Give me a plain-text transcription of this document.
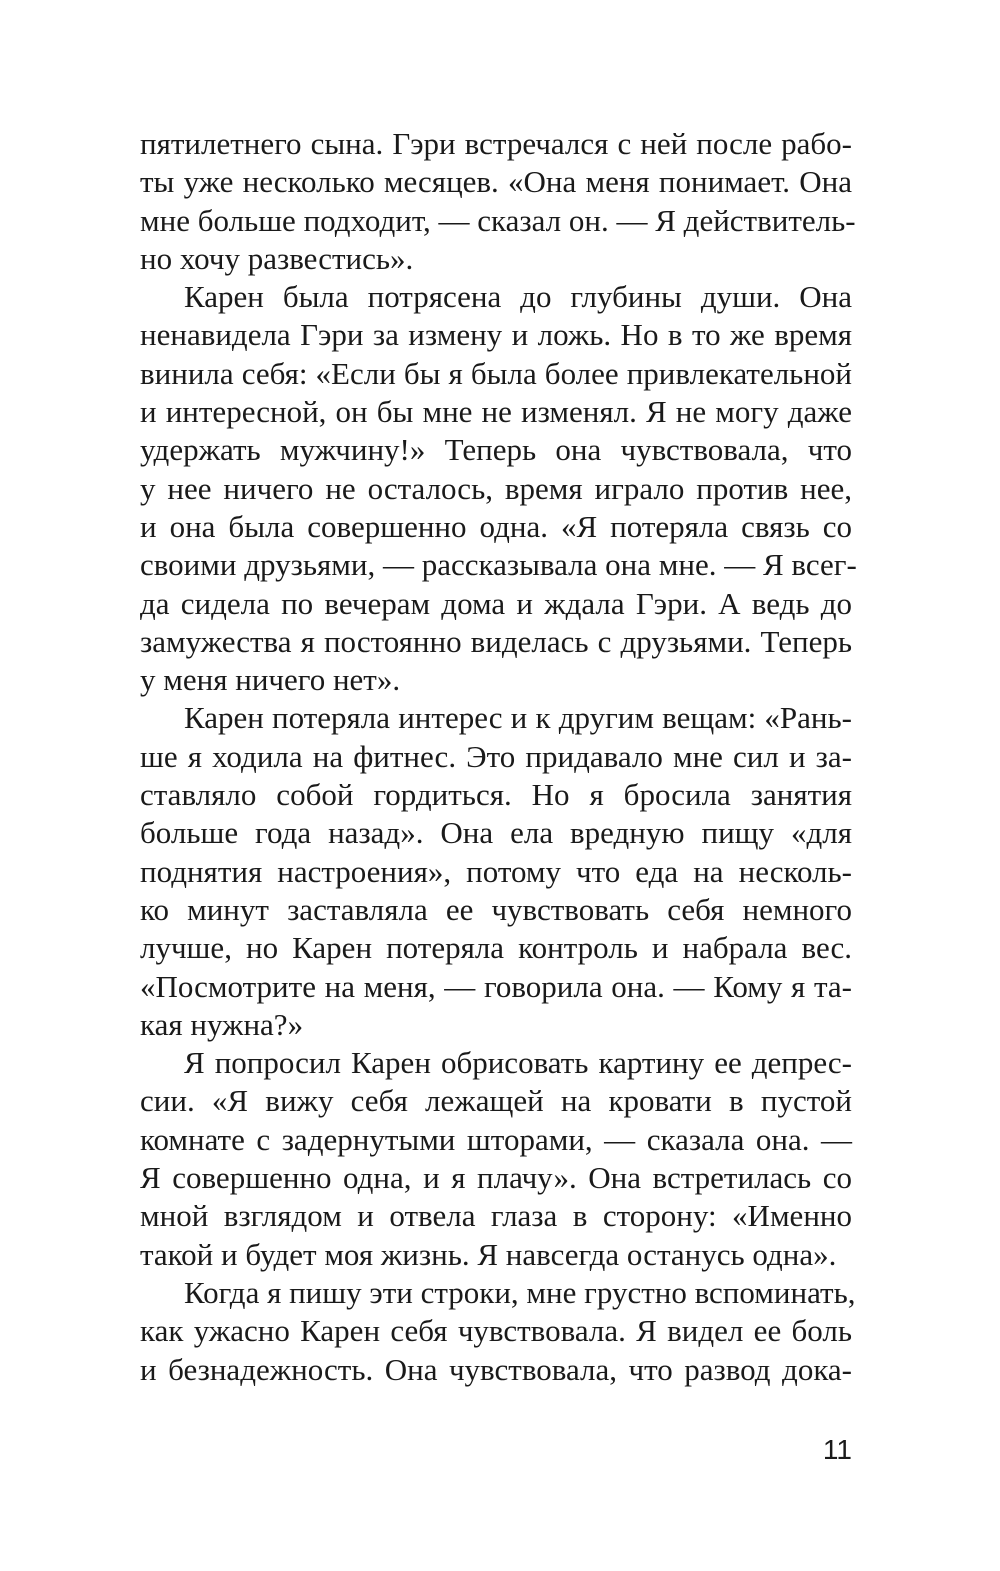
пятилетнего сына. Гэри встречался с ней после рабо-
ты уже несколько месяцев. «Она меня понимает. Она
мне больше подходит, — сказал он. — Я действитель-
но хочу развестись».
Карен была потрясена до глубины души. Она
ненавидела Гэри за измену и ложь. Но в то же время
винила себя: «Если бы я была более привлекательной
и интересной, он бы мне не изменял. Я не могу даже
удержать мужчину!» Теперь она чувствовала, что
у нее ничего не осталось, время играло против нее,
и она была совершенно одна. «Я потеряла связь со
своими друзьями, — рассказывала она мне. — Я всег-
да сидела по вечерам дома и ждала Гэри. А ведь до
замужества я постоянно виделась с друзьями. Теперь
у меня ничего нет».
Карен потеряла интерес и к другим вещам: «Рань-
ше я ходила на фитнес. Это придавало мне сил и за-
ставляло собой гордиться. Но я бросила занятия
больше года назад». Она ела вредную пищу «для
поднятия настроения», потому что еда на несколь-
ко минут заставляла ее чувствовать себя немного
лучше, но Карен потеряла контроль и набрала вес.
«Посмотрите на меня, — говорила она. — Кому я та-
кая нужна?»
Я попросил Карен обрисовать картину ее депрес-
сии. «Я вижу себя лежащей на кровати в пустой
комнате с задернутыми шторами, — сказала она. —
Я совершенно одна, и я плачу». Она встретилась со
мной взглядом и отвела глаза в сторону: «Именно
такой и будет моя жизнь. Я навсегда останусь одна».
Когда я пишу эти строки, мне грустно вспоминать,
как ужасно Карен себя чувствовала. Я видел ее боль
и безнадежность. Она чувствовала, что развод дока-
11
